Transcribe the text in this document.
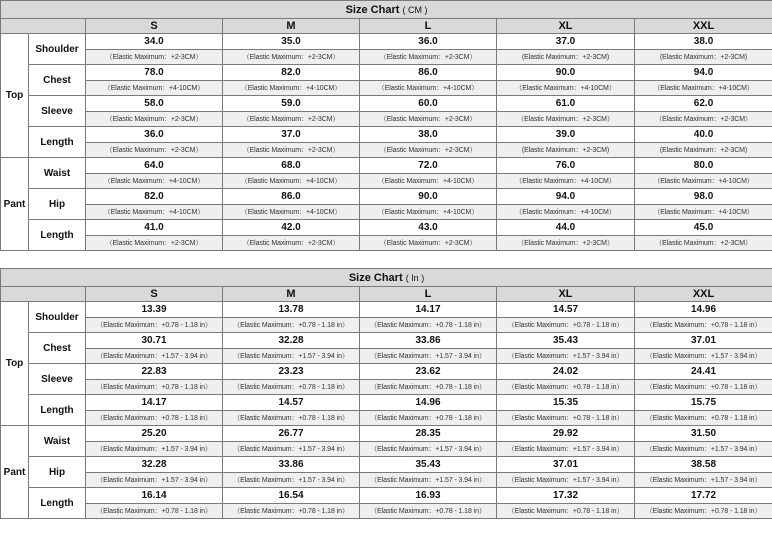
Size Chart ( CM )						
		S	M	L	XL	XXL
Top	Shoulder	34.0	35.0	36.0	37.0	38.0
		（Elastic Maximum：+2-3CM）	（Elastic Maximum：+2-3CM）	（Elastic Maximum：+2-3CM）	(Elastic Maximum：+2-3CM)	(Elastic Maximum：+2-3CM)
	Chest	78.0	82.0	86.0	90.0	94.0
		（Elastic Maximum：+4-10CM）	（Elastic Maximum：+4-10CM）	（Elastic Maximum：+4-10CM）	（Elastic Maximum：+4-10CM）	（Elastic Maximum：+4-10CM）
	Sleeve	58.0	59.0	60.0	61.0	62.0
		（Elastic Maximum：+2-3CM）	（Elastic Maximum：+2-3CM）	（Elastic Maximum：+2-3CM）	（Elastic Maximum：+2-3CM）	（Elastic Maximum：+2-3CM）
	Length	36.0	37.0	38.0	39.0	40.0
		（Elastic Maximum：+2-3CM）	（Elastic Maximum：+2-3CM）	（Elastic Maximum：+2-3CM）	(Elastic Maximum：+2-3CM)	(Elastic Maximum：+2-3CM)
Pant	Waist	64.0	68.0	72.0	76.0	80.0
		（Elastic Maximum：+4-10CM）	（Elastic Maximum：+4-10CM）	（Elastic Maximum：+4-10CM）	（Elastic Maximum：+4-10CM）	（Elastic Maximum：+4-10CM）
	Hip	82.0	86.0	90.0	94.0	98.0
		（Elastic Maximum：+4-10CM）	（Elastic Maximum：+4-10CM）	（Elastic Maximum：+4-10CM）	（Elastic Maximum：+4-10CM）	（Elastic Maximum：+4-10CM）
	Length	41.0	42.0	43.0	44.0	45.0
		（Elastic Maximum：+2-3CM）	（Elastic Maximum：+2-3CM）	（Elastic Maximum：+2-3CM）	（Elastic Maximum：+2-3CM）	（Elastic Maximum：+2-3CM）
Size Chart ( In )						
		S	M	L	XL	XXL
Top	Shoulder	13.39	13.78	14.17	14.57	14.96
		（Elastic Maximum：+0.78 - 1.18 in）	（Elastic Maximum：+0.78 - 1.18 in）	（Elastic Maximum：+0.78 - 1.18 in）	（Elastic Maximum：+0.78 - 1.18 in）	（Elastic Maximum：+0.78 - 1.18 in）
	Chest	30.71	32.28	33.86	35.43	37.01
		（Elastic Maximum：+1.57 - 3.94 in）	（Elastic Maximum：+1.57 - 3.94 in）	（Elastic Maximum：+1.57 - 3.94 in）	（Elastic Maximum：+1.57 - 3.94 in）	（Elastic Maximum：+1.57 - 3.94 in）
	Sleeve	22.83	23.23	23.62	24.02	24.41
		（Elastic Maximum：+0.78 - 1.18 in）	（Elastic Maximum：+0.78 - 1.18 in）	（Elastic Maximum：+0.78 - 1.18 in）	（Elastic Maximum：+0.78 - 1.18 in）	（Elastic Maximum：+0.78 - 1.18 in）
	Length	14.17	14.57	14.96	15.35	15.75
		（Elastic Maximum：+0.78 - 1.18 in）	（Elastic Maximum：+0.78 - 1.18 in）	（Elastic Maximum：+0.78 - 1.18 in）	（Elastic Maximum：+0.78 - 1.18 in）	（Elastic Maximum：+0.78 - 1.18 in）
Pant	Waist	25.20	26.77	28.35	29.92	31.50
		（Elastic Maximum：+1.57 - 3.94 in）	（Elastic Maximum：+1.57 - 3.94 in）	（Elastic Maximum：+1.57 - 3.94 in）	（Elastic Maximum：+1.57 - 3.94 in）	（Elastic Maximum：+1.57 - 3.94 in）
	Hip	32.28	33.86	35.43	37.01	38.58
		（Elastic Maximum：+1.57 - 3.94 in）	（Elastic Maximum：+1.57 - 3.94 in）	（Elastic Maximum：+1.57 - 3.94 in）	（Elastic Maximum：+1.57 - 3.94 in）	（Elastic Maximum：+1.57 - 3.94 in）
	Length	16.14	16.54	16.93	17.32	17.72
		（Elastic Maximum：+0.78 - 1.18 in）	（Elastic Maximum：+0.78 - 1.18 in）	（Elastic Maximum：+0.78 - 1.18 in）	（Elastic Maximum：+0.78 - 1.18 in）	（Elastic Maximum：+0.78 - 1.18 in）
